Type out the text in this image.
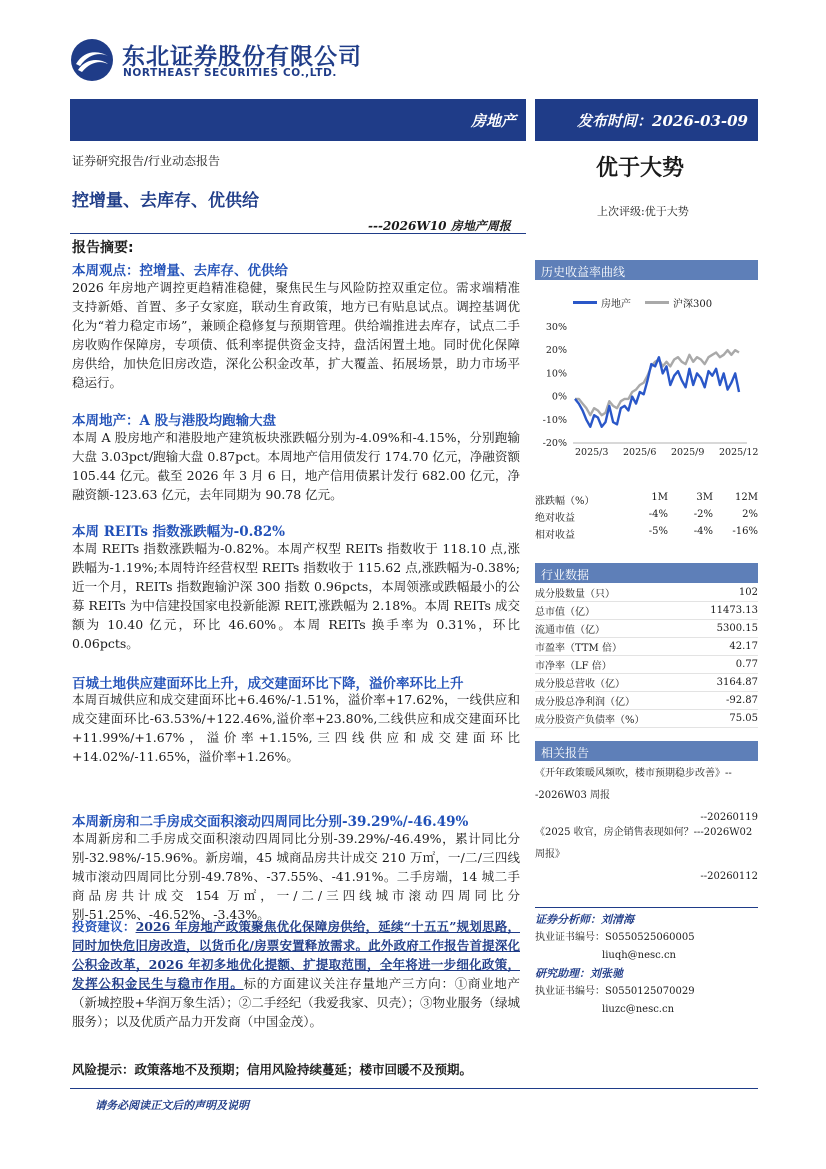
东北证券股份有限公司
NORTHEAST SECURITIES CO.,LTD.
房地产	发布时间：2026-03-09
证券研究报告/行业动态报告
控增量、去库存、优供给
---2026W10 房地产周报
优于大势
上次评级:优于大势
报告摘要:
本周观点：控增量、去库存、优供给
2026 年房地产调控更趋精准稳健，聚焦民生与风险防控双重定位。需求端精准支持新婚、首置、多子女家庭，联动生育政策，地方已有贴息试点。调控基调优化为“着力稳定市场”，兼顾企稳修复与预期管理。供给端推进去库存，试点二手房收购作保障房，专项债、低利率提供资金支持，盘活闲置土地。同时优化保障房供给，加快危旧房改造，深化公积金改革，扩大覆盖、拓展场景，助力市场平稳运行。
本周地产：A 股与港股均跑输大盘
本周 A 股房地产和港股地产建筑板块涨跌幅分别为-4.09%和-4.15%，分别跑输大盘 3.03pct/跑输大盘 0.87pct。本周地产信用债发行 174.70 亿元，净融资额 105.44 亿元。截至 2026 年 3 月 6 日，地产信用债累计发行 682.00 亿元，净融资额-123.63 亿元，去年同期为 90.78 亿元。
本周 REITs 指数涨跌幅为-0.82%
本周 REITs 指数涨跌幅为-0.82%。本周产权型 REITs 指数收于 118.10 点,涨跌幅为-1.19%;本周特许经营权型 REITs 指数收于 115.62 点,涨跌幅为-0.38%;近一个月，REITs 指数跑输沪深 300 指数 0.96pcts，本周领涨或跌幅最小的公募 REITs 为中信建投国家电投新能源 REIT,涨跌幅为 2.18%。本周 REITs 成交额为 10.40 亿元，环比 46.60%。本周 REITs 换手率为 0.31%，环比 0.06pcts。
百城土地供应建面环比上升，成交建面环比下降，溢价率环比上升
本周百城供应和成交建面环比+6.46%/-1.51%，溢价率+17.62%，一线供应和成交建面环比-63.53%/+122.46%,溢价率+23.80%,二线供应和成交建面环比+11.99%/+1.67%，溢价率+1.15%,三四线供应和成交建面环比+14.02%/-11.65%，溢价率+1.26%。
本周新房和二手房成交面积滚动四周同比分别-39.29%/-46.49%
本周新房和二手房成交面积滚动四周同比分别-39.29%/-46.49%，累计同比分别-32.98%/-15.96%。新房端，45 城商品房共计成交 210 万㎡，一/二/三四线城市滚动四周同比分别-49.78%、-37.55%、-41.91%。二手房端，14 城二手商品房共计成交 154 万㎡，一/二/三四线城市滚动四周同比分别-51.25%、-46.52%、-3.43%。
投资建议：2026 年房地产政策聚焦优化保障房供给，延续“十五五”规划思路，同时加快危旧房改造，以货币化/房票安置释放需求。此外政府工作报告首提深化公积金改革，2026 年初多地优化提额、扩提取范围，全年将进一步细化政策，发挥公积金民生与稳市作用。标的方面建议关注存量地产三方向：①商业地产（新城控股+华润万象生活）；②二手经纪（我爱我家、贝壳）；③物业服务（绿城服务）；以及优质产品力开发商（中国金茂）。
风险提示：政策落地不及预期；信用风险持续蔓延；楼市回暖不及预期。
历史收益率曲线
房地产	沪深300
30%
20%
10%
0%
-10%
-20%
2025/3 2025/6 2025/9 2025/12
涨跌幅（%）	1M	3M	12M
绝对收益	-4%	-2%	2%
相对收益	-5%	-4%	-16%
行业数据
成分股数量（只）	102
总市值（亿）	11473.13
流通市值（亿）	5300.15
市盈率（TTM 倍）	42.17
市净率（LF 倍）	0.77
成分股总营收（亿）	3164.87
成分股总净利润（亿）	-92.87
成分股资产负债率（%）	75.05
相关报告
《开年政策暖风频吹，楼市预期稳步改善》---2026W03 周报
--20260119
《2025 收官，房企销售表现如何？---2026W02 周报》
--20260112
证券分析师：刘清海
执业证书编号：S0550525060005
liuqh@nesc.cn
研究助理：刘张驰
执业证书编号：S0550125070029
liuzc@nesc.cn
请务必阅读正文后的声明及说明
